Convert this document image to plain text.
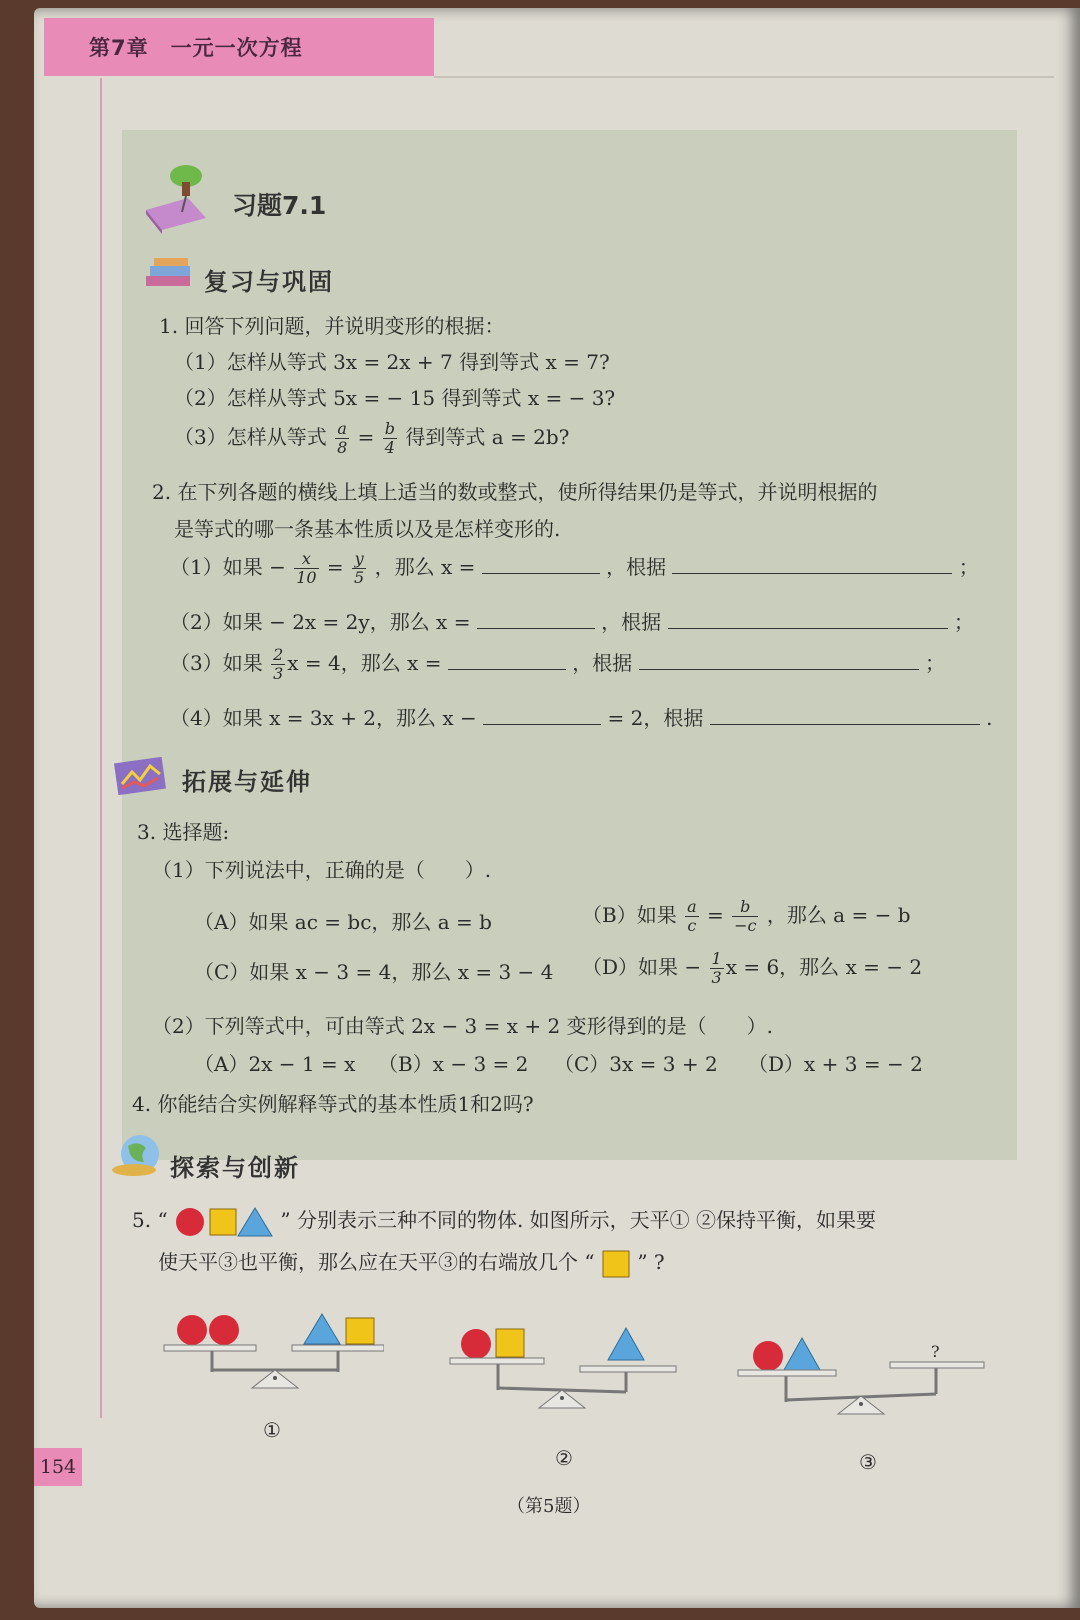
第7章　一元一次方程
习题7.1
复习与巩固
1. 回答下列问题，并说明变形的根据：
（1）怎样从等式 3x = 2x + 7 得到等式 x = 7?
（2）怎样从等式 5x = − 15 得到等式 x = − 3?
（3）怎样从等式 $\frac{a}{8} = \frac{b}{4}$ 得到等式 a = 2b?
2. 在下列各题的横线上填上适当的数或整式，使所得结果仍是等式，并说明根据的
是等式的哪一条基本性质以及是怎样变形的.
（1）如果 − $\frac{x}{10} = \frac{y}{5}$ ，那么 x =	，根据	；
（2）如果 − 2x = 2y，那么 x =	，根据	；
（3）如果 $\frac{2}{3}$ x = 4，那么 x =	，根据	；
（4）如果 x = 3x + 2，那么 x −	= 2，根据	.
拓展与延伸
3. 选择题:
（1）下列说法中，正确的是（　　）.
（A）如果 ac = bc，那么 a = b	（B）如果 $\frac{a}{c} = \frac{b}{-c}$ ，那么 a = − b
（C）如果 x − 3 = 4，那么 x = 3 − 4 （D）如果 − $\frac{1}{3}$ x = 6，那么 x = − 2
（2）下列等式中，可由等式 2x − 3 = x + 2 变形得到的是（　　）.
（A）2x − 1 = x （B）x − 3 = 2 （C）3x = 3 + 2 （D）x + 3 = − 2
4. 你能结合实例解释等式的基本性质1和2吗?
探索与创新
5. “	” 分别表示三种不同的物体. 如图所示，天平① ②保持平衡，如果要
使天平③也平衡，那么应在天平③的右端放几个 “ ” ?
①
②
?
③
（第5题）
154
